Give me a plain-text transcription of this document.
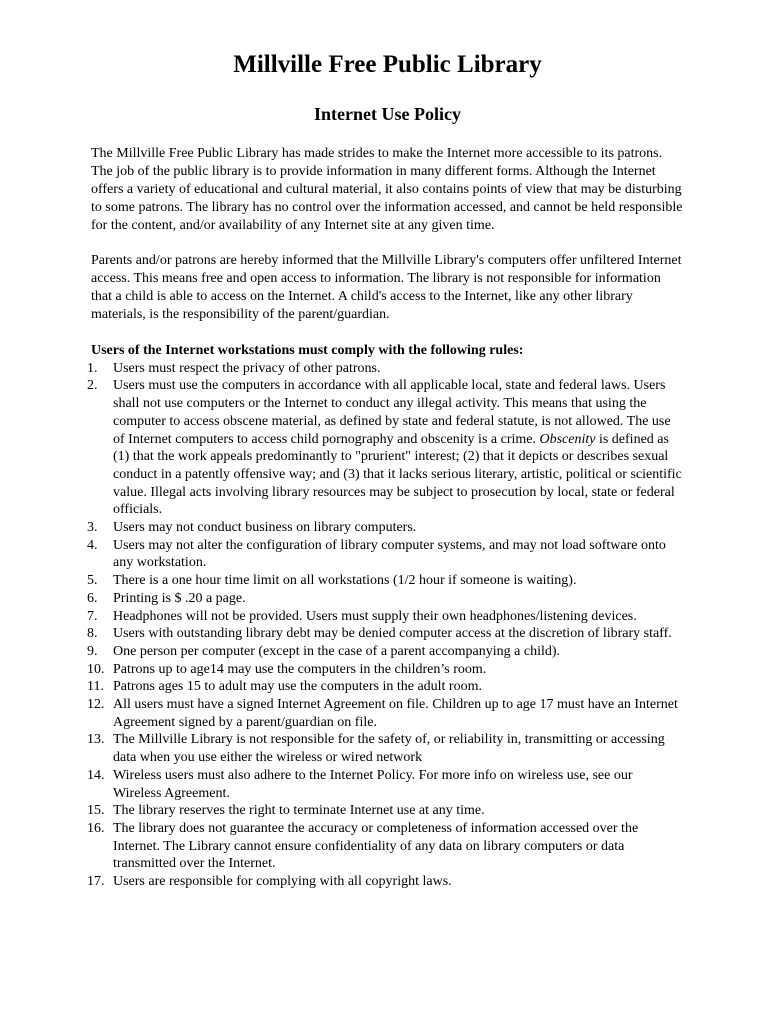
Millville Free Public Library
Internet Use Policy

The Millville Free Public Library has made strides to make the Internet more accessible to its patrons. The job of the public library is to provide information in many different forms. Although the Internet offers a variety of educational and cultural material, it also contains points of view that may be disturbing to some patrons. The library has no control over the information accessed, and cannot be held responsible for the content, and/or availability of any Internet site at any given time.

Parents and/or patrons are hereby informed that the Millville Library's computers offer unfiltered Internet access. This means free and open access to information. The library is not responsible for information that a child is able to access on the Internet. A child's access to the Internet, like any other library materials, is the responsibility of the parent/guardian.

Users of the Internet workstations must comply with the following rules:

1. Users must respect the privacy of other patrons.
2. Users must use the computers in accordance with all applicable local, state and federal laws. Users shall not use computers or the Internet to conduct any illegal activity. This means that using the computer to access obscene material, as defined by state and federal statute, is not allowed. The use of Internet computers to access child pornography and obscenity is a crime. Obscenity is defined as (1) that the work appeals predominantly to "prurient" interest; (2) that it depicts or describes sexual conduct in a patently offensive way; and (3) that it lacks serious literary, artistic, political or scientific value. Illegal acts involving library resources may be subject to prosecution by local, state or federal officials.
3. Users may not conduct business on library computers.
4. Users may not alter the configuration of library computer systems, and may not load software onto any workstation.
5. There is a one hour time limit on all workstations (1/2 hour if someone is waiting).
6. Printing is $ .20 a page.
7. Headphones will not be provided. Users must supply their own headphones/listening devices.
8. Users with outstanding library debt may be denied computer access at the discretion of library staff.
9. One person per computer (except in the case of a parent accompanying a child).
10. Patrons up to age14 may use the computers in the children’s room.
11. Patrons ages 15 to adult may use the computers in the adult room.
12. All users must have a signed Internet Agreement on file. Children up to age 17 must have an Internet Agreement signed by a parent/guardian on file.
13. The Millville Library is not responsible for the safety of, or reliability in, transmitting or accessing data when you use either the wireless or wired network
14. Wireless users must also adhere to the Internet Policy. For more info on wireless use, see our Wireless Agreement.
15. The library reserves the right to terminate Internet use at any time.
16. The library does not guarantee the accuracy or completeness of information accessed over the Internet. The Library cannot ensure confidentiality of any data on library computers or data transmitted over the Internet.
17. Users are responsible for complying with all copyright laws.
